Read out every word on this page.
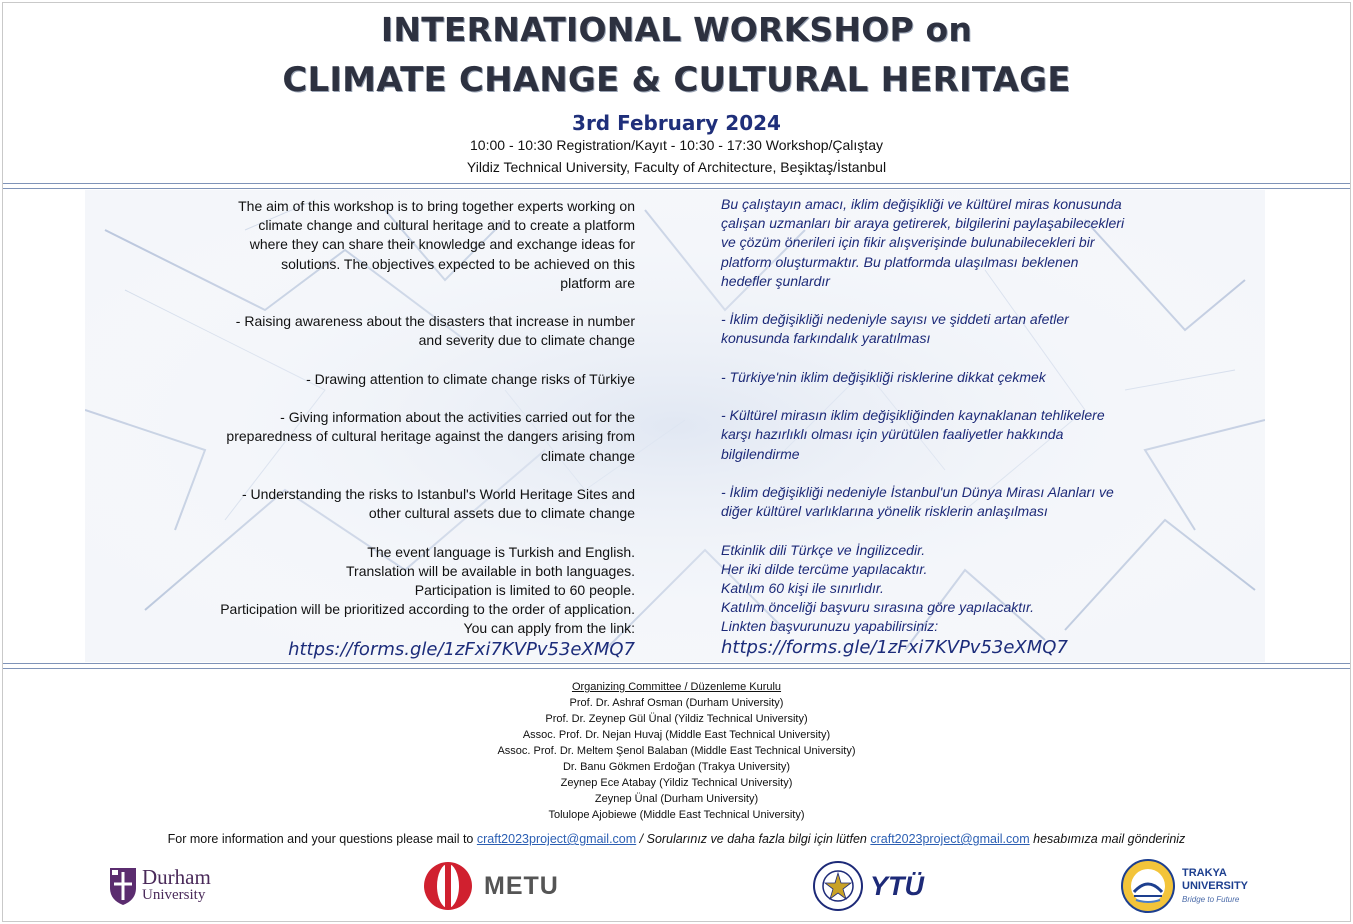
INTERNATIONAL WORKSHOP on
CLIMATE CHANGE & CULTURAL HERITAGE
3rd February 2024
10:00 - 10:30 Registration/Kayıt - 10:30 - 17:30 Workshop/Çalıştay
Yildiz Technical University, Faculty of Architecture, Beşiktaş/İstanbul
The aim of this workshop is to bring together experts working on
climate change and cultural heritage and to create a platform
where they can share their knowledge and exchange ideas for
solutions. The objectives expected to be achieved on this
platform are
- Raising awareness about the disasters that increase in number
and severity due to climate change
- Drawing attention to climate change risks of Türkiye
- Giving information about the activities carried out for the
preparedness of cultural heritage against the dangers arising from
climate change
- Understanding the risks to Istanbul's World Heritage Sites and
other cultural assets due to climate change
The event language is Turkish and English.
Translation will be available in both languages.
Participation is limited to 60 people.
Participation will be prioritized according to the order of application.
You can apply from the link:
https://forms.gle/1zFxi7KVPv53eXMQ7
Bu çalıştayın amacı, iklim değişikliği ve kültürel miras konusunda
çalışan uzmanları bir araya getirerek, bilgilerini paylaşabilecekleri
ve çözüm önerileri için fikir alışverişinde bulunabilecekleri bir
platform oluşturmaktır. Bu platformda ulaşılması beklenen
hedefler şunlardır
- İklim değişikliği nedeniyle sayısı ve şiddeti artan afetler
konusunda farkındalık yaratılması
- Türkiye'nin iklim değişikliği risklerine dikkat çekmek
- Kültürel mirasın iklim değişikliğinden kaynaklanan tehlikelere
karşı hazırlıklı olması için yürütülen faaliyetler hakkında
bilgilendirme
- İklim değişikliği nedeniyle İstanbul'un Dünya Mirası Alanları ve
diğer kültürel varlıklarına yönelik risklerin anlaşılması
Etkinlik dili Türkçe ve İngilizcedir.
Her iki dilde tercüme yapılacaktır.
Katılım 60 kişi ile sınırlıdır.
Katılım önceliği başvuru sırasına göre yapılacaktır.
Linkten başvurunuzu yapabilirsiniz:
https://forms.gle/1zFxi7KVPv53eXMQ7
Organizing Committee / Düzenleme Kurulu
Prof. Dr. Ashraf Osman (Durham University)
Prof. Dr. Zeynep Gül Ünal (Yildiz Technical University)
Assoc. Prof. Dr. Nejan Huvaj (Middle East Technical University)
Assoc. Prof. Dr. Meltem Şenol Balaban (Middle East Technical University)
Dr. Banu Gökmen Erdoğan (Trakya University)
Zeynep Ece Atabay (Yildiz Technical University)
Zeynep Ünal (Durham University)
Tolulope Ajobiewe (Middle East Technical University)
For more information and your questions please mail to craft2023project@gmail.com / Sorularınız ve daha fazla bilgi için lütfen craft2023project@gmail.com hesabımıza mail gönderiniz
Durham
University	METU	YTÜ	TRAKYA
UNIVERSITY
Bridge to Future
